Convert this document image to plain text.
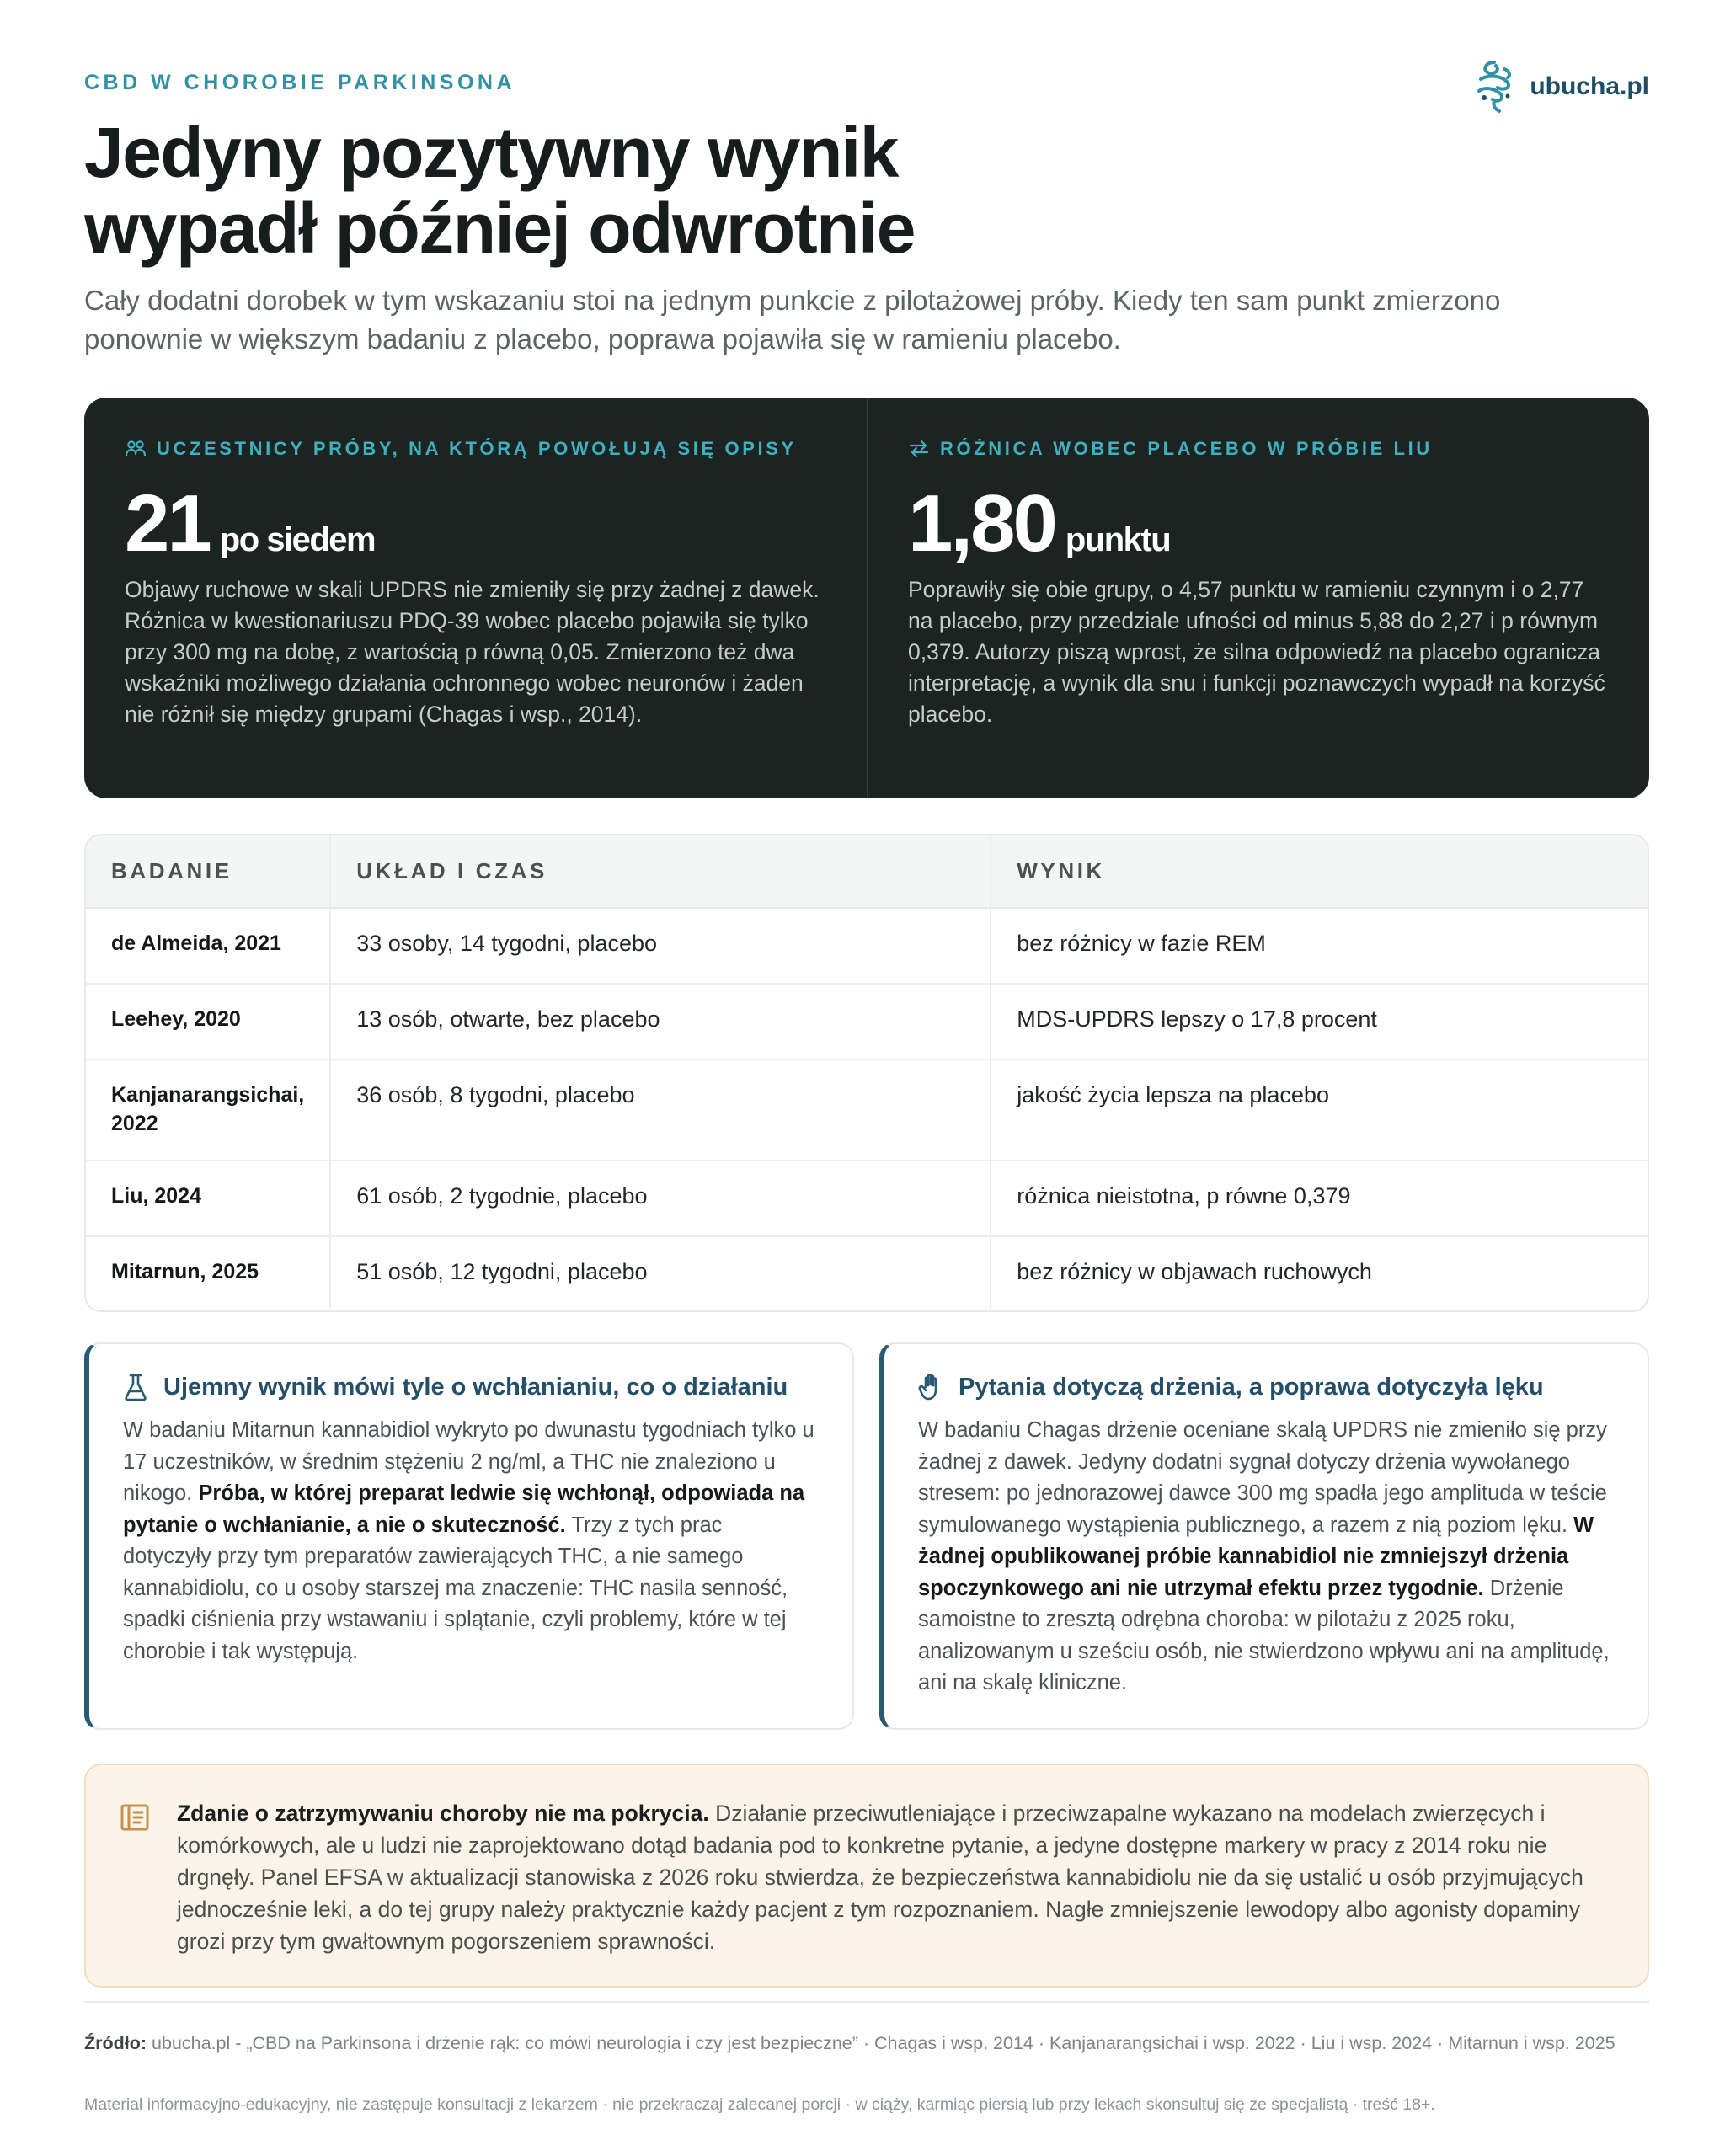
CBD W CHOROBIE PARKINSONA	ubucha.pl
Jedyny pozytywny wynik
wypadł później odwrotnie

Cały dodatni dorobek w tym wskazaniu stoi na jednym punkcie z pilotażowej próby. Kiedy ten sam punkt zmierzono ponownie w większym badaniu z placebo, poprawa pojawiła się w ramieniu placebo.

UCZESTNICY PRÓBY, NA KTÓRĄ POWOŁUJĄ SIĘ OPISY
21 po siedem

Objawy ruchowe w skali UPDRS nie zmieniły się przy żadnej z dawek. Różnica w kwestionariuszu PDQ-39 wobec placebo pojawiła się tylko przy 300 mg na dobę, z wartością p równą 0,05. Zmierzono też dwa wskaźniki możliwego działania ochronnego wobec neuronów i żaden nie różnił się między grupami (Chagas i wsp., 2014).

RÓŻNICA WOBEC PLACEBO W PRÓBIE LIU
1,80 punktu

Poprawiły się obie grupy, o 4,57 punktu w ramieniu czynnym i o 2,77 na placebo, przy przedziale ufności od minus 5,88 do 2,27 i p równym 0,379. Autorzy piszą wprost, że silna odpowiedź na placebo ogranicza interpretację, a wynik dla snu i funkcji poznawczych wypadł na korzyść placebo.

BADANIE	UKŁAD I CZAS	WYNIK
de Almeida, 2021	33 osoby, 14 tygodni, placebo	bez różnicy w fazie REM
Leehey, 2020	13 osób, otwarte, bez placebo	MDS-UPDRS lepszy o 17,8 procent
Kanjanarangsichai, 2022	36 osób, 8 tygodni, placebo	jakość życia lepsza na placebo
Liu, 2024	61 osób, 2 tygodnie, placebo	różnica nieistotna, p równe 0,379
Mitarnun, 2025	51 osób, 12 tygodni, placebo	bez różnicy w objawach ruchowych
Ujemny wynik mówi tyle o wchłanianiu, co o działaniu

W badaniu Mitarnun kannabidiol wykryto po dwunastu tygodniach tylko u 17 uczestników, w średnim stężeniu 2 ng/ml, a THC nie znaleziono u nikogo. Próba, w której preparat ledwie się wchłonął, odpowiada na pytanie o wchłanianie, a nie o skuteczność. Trzy z tych prac dotyczyły przy tym preparatów zawierających THC, a nie samego kannabidiolu, co u osoby starszej ma znaczenie: THC nasila senność, spadki ciśnienia przy wstawaniu i splątanie, czyli problemy, które w tej chorobie i tak występują.

Pytania dotyczą drżenia, a poprawa dotyczyła lęku

W badaniu Chagas drżenie oceniane skalą UPDRS nie zmieniło się przy żadnej z dawek. Jedyny dodatni sygnał dotyczy drżenia wywołanego stresem: po jednorazowej dawce 300 mg spadła jego amplituda w teście symulowanego wystąpienia publicznego, a razem z nią poziom lęku. W żadnej opublikowanej próbie kannabidiol nie zmniejszył drżenia spoczynkowego ani nie utrzymał efektu przez tygodnie. Drżenie samoistne to zresztą odrębna choroba: w pilotażu z 2025 roku, analizowanym u sześciu osób, nie stwierdzono wpływu ani na amplitudę, ani na skalę kliniczne.

Zdanie o zatrzymywaniu choroby nie ma pokrycia. Działanie przeciwutleniające i przeciwzapalne wykazano na modelach zwierzęcych i komórkowych, ale u ludzi nie zaprojektowano dotąd badania pod to konkretne pytanie, a jedyne dostępne markery w pracy z 2014 roku nie drgnęły. Panel EFSA w aktualizacji stanowiska z 2026 roku stwierdza, że bezpieczeństwa kannabidiolu nie da się ustalić u osób przyjmujących jednocześnie leki, a do tej grupy należy praktycznie każdy pacjent z tym rozpoznaniem. Nagłe zmniejszenie lewodopy albo agonisty dopaminy grozi przy tym gwałtownym pogorszeniem sprawności.

Źródło: ubucha.pl - „CBD na Parkinsona i drżenie rąk: co mówi neurologia i czy jest bezpieczne” · Chagas i wsp. 2014 · Kanjanarangsichai i wsp. 2022 · Liu i wsp. 2024 · Mitarnun i wsp. 2025

Materiał informacyjno-edukacyjny, nie zastępuje konsultacji z lekarzem · nie przekraczaj zalecanej porcji · w ciąży, karmiąc piersią lub przy lekach skonsultuj się ze specjalistą · treść 18+.
